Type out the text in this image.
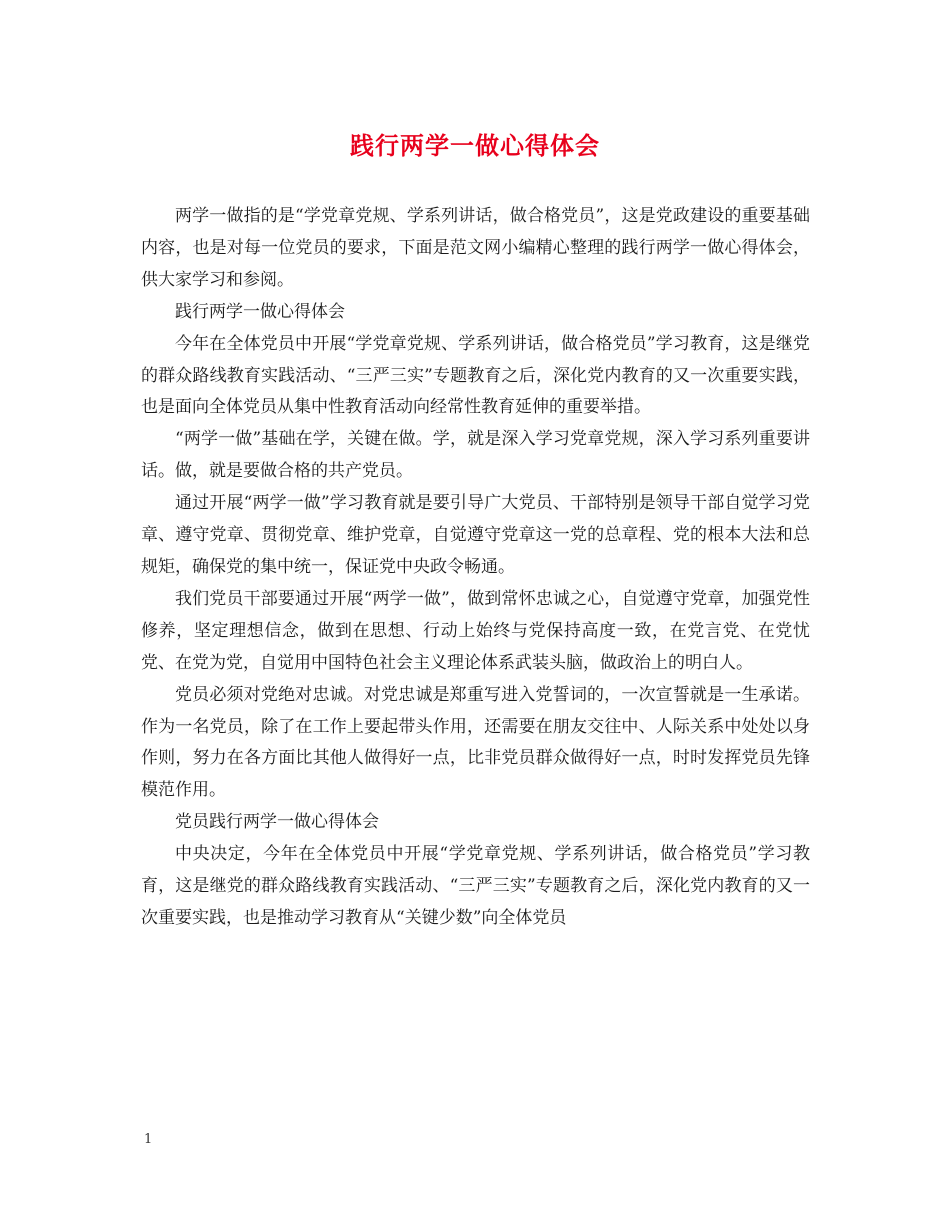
践行两学一做心得体会

两学一做指的是“学党章党规、学系列讲话，做合格党员”，这是党政建设的重要基础内容，也是对每一位党员的要求，下面是范文网小编精心整理的践行两学一做心得体会，供大家学习和参阅。

践行两学一做心得体会

今年在全体党员中开展“学党章党规、学系列讲话，做合格党员”学习教育，这是继党的群众路线教育实践活动、“三严三实”专题教育之后，深化党内教育的又一次重要实践，也是面向全体党员从集中性教育活动向经常性教育延伸的重要举措。

“两学一做”基础在学，关键在做。学，就是深入学习党章党规，深入学习系列重要讲话。做，就是要做合格的共产党员。

通过开展“两学一做”学习教育就是要引导广大党员、干部特别是领导干部自觉学习党章、遵守党章、贯彻党章、维护党章，自觉遵守党章这一党的总章程、党的根本大法和总规矩，确保党的集中统一，保证党中央政令畅通。

我们党员干部要通过开展“两学一做”，做到常怀忠诚之心，自觉遵守党章，加强党性修养，坚定理想信念，做到在思想、行动上始终与党保持高度一致，在党言党、在党忧党、在党为党，自觉用中国特色社会主义理论体系武装头脑，做政治上的明白人。

党员必须对党绝对忠诚。对党忠诚是郑重写进入党誓词的，一次宣誓就是一生承诺。作为一名党员，除了在工作上要起带头作用，还需要在朋友交往中、人际关系中处处以身作则，努力在各方面比其他人做得好一点，比非党员群众做得好一点，时时发挥党员先锋模范作用。

党员践行两学一做心得体会

中央决定，今年在全体党员中开展“学党章党规、学系列讲话，做合格党员”学习教育，这是继党的群众路线教育实践活动、“三严三实”专题教育之后，深化党内教育的又一次重要实践，也是推动学习教育从“关键少数”向全体党员

1
